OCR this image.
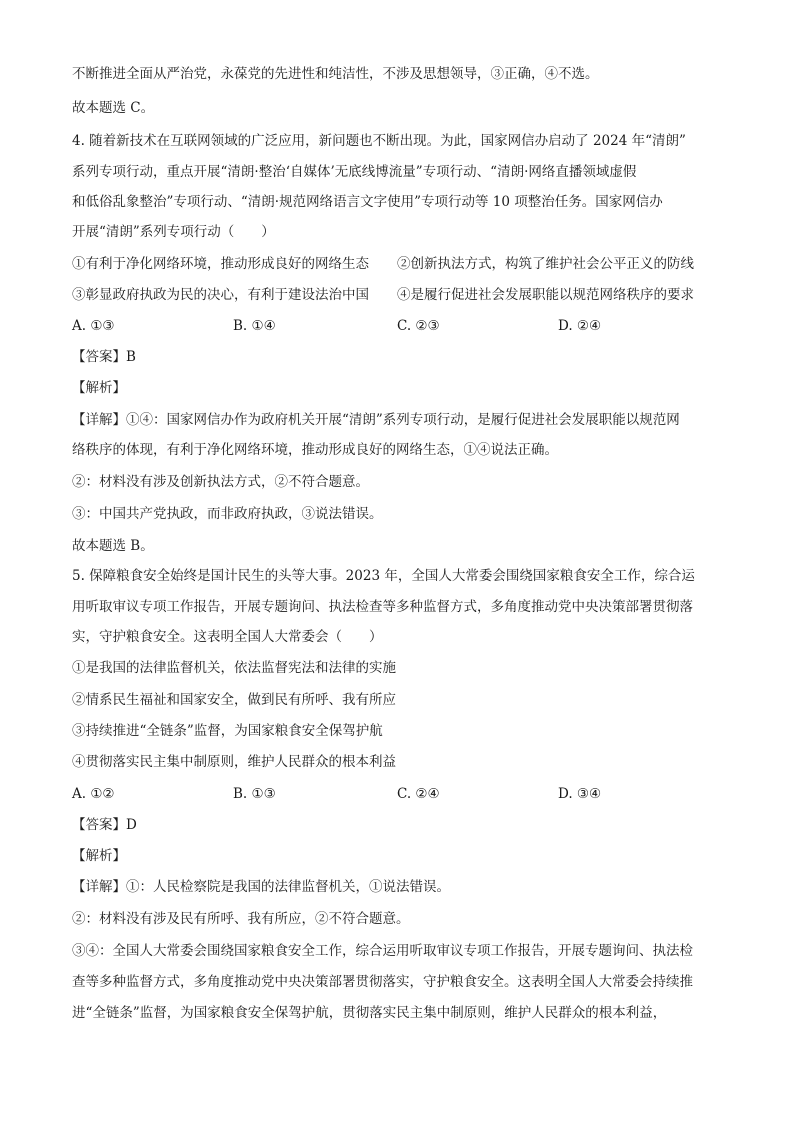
不断推进全面从严治党，永葆党的先进性和纯洁性，不涉及思想领导，③正确，④不选。
故本题选 C。
4. 随着新技术在互联网领域的广泛应用，新问题也不断出现。为此，国家网信办启动了 2024 年“清朗”
系列专项行动，重点开展“清朗·整治‘自媒体’无底线博流量”专项行动、“清朗·网络直播领域虚假
和低俗乱象整治”专项行动、“清朗·规范网络语言文字使用”专项行动等 10 项整治任务。国家网信办
开展“清朗”系列专项行动（　　）
①有利于净化网络环境，推动形成良好的网络生态 ②创新执法方式，构筑了维护社会公平正义的防线
③彰显政府执政为民的决心，有利于建设法治中国 ④是履行促进社会发展职能以规范网络秩序的要求
A. ①③	B. ①④	C. ②③	D. ②④
【答案】B
【解析】
【详解】①④：国家网信办作为政府机关开展“清朗”系列专项行动，是履行促进社会发展职能以规范网
络秩序的体现，有利于净化网络环境，推动形成良好的网络生态，①④说法正确。
②：材料没有涉及创新执法方式，②不符合题意。
③：中国共产党执政，而非政府执政，③说法错误。
故本题选 B。
5. 保障粮食安全始终是国计民生的头等大事。2023 年，全国人大常委会围绕国家粮食安全工作，综合运
用听取审议专项工作报告，开展专题询问、执法检查等多种监督方式，多角度推动党中央决策部署贯彻落
实，守护粮食安全。这表明全国人大常委会（　　）
①是我国的法律监督机关，依法监督宪法和法律的实施
②情系民生福祉和国家安全，做到民有所呼、我有所应
③持续推进“全链条”监督，为国家粮食安全保驾护航
④贯彻落实民主集中制原则，维护人民群众的根本利益
A. ①②	B. ①③	C. ②④	D. ③④
【答案】D
【解析】
【详解】①：人民检察院是我国的法律监督机关，①说法错误。
②：材料没有涉及民有所呼、我有所应，②不符合题意。
③④：全国人大常委会围绕国家粮食安全工作，综合运用听取审议专项工作报告，开展专题询问、执法检
查等多种监督方式，多角度推动党中央决策部署贯彻落实，守护粮食安全。这表明全国人大常委会持续推
进“全链条”监督，为国家粮食安全保驾护航，贯彻落实民主集中制原则，维护人民群众的根本利益，
